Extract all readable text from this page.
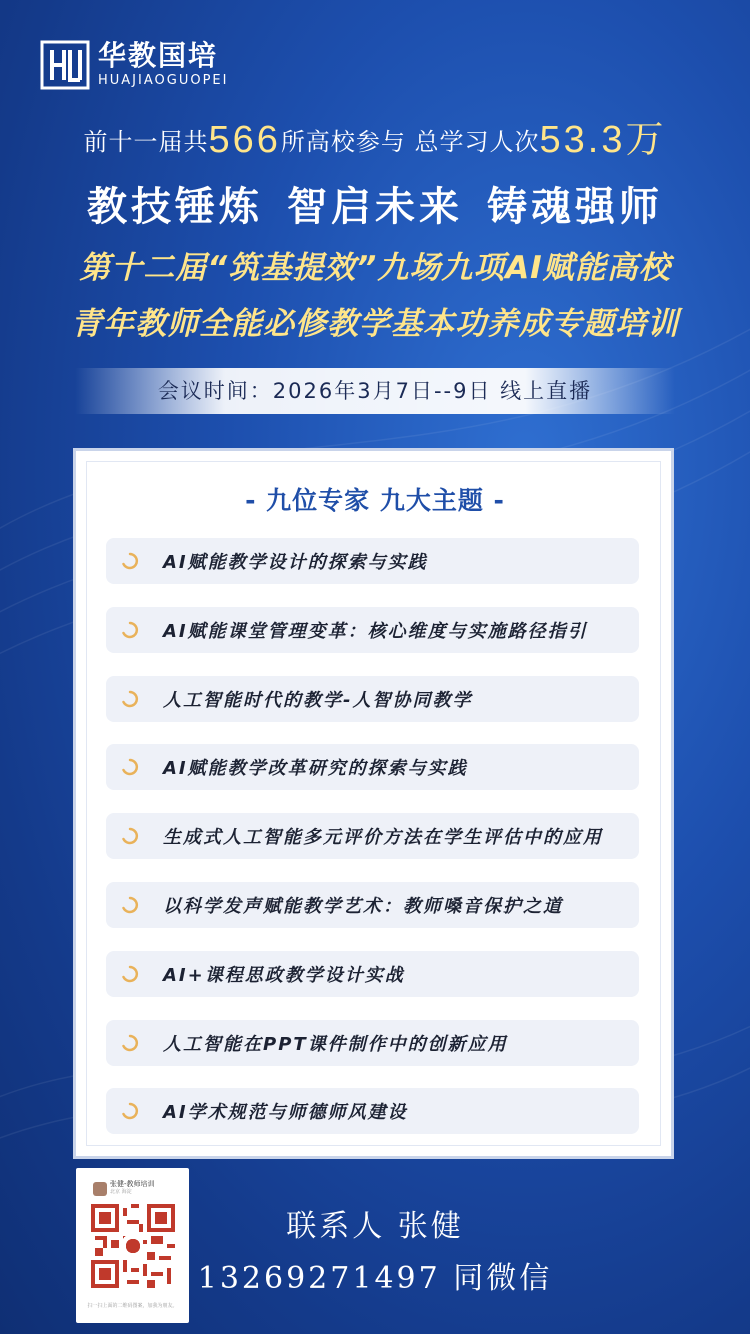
华教国培
HUAJIAOGUOPEI
前十一届共566所高校参与 总学习人次53.3万
教技锤炼 智启未来 铸魂强师
第十二届“筑基提效”九场九项AI赋能高校
青年教师全能必修教学基本功养成专题培训
会议时间：2026年3月7日--9日 线上直播
- 九位专家 九大主题 -
AI赋能教学设计的探索与实践
AI赋能课堂管理变革：核心维度与实施路径指引
人工智能时代的教学-人智协同教学
AI赋能教学改革研究的探索与实践
生成式人工智能多元评价方法在学生评估中的应用
以科学发声赋能教学艺术：教师嗓音保护之道
AI+课程思政教学设计实战
人工智能在PPT课件制作中的创新应用
AI学术规范与师德师风建设
张健-教师培训
北京 海淀
扫一扫上面的二维码图案，加我为朋友。
联系人 张健
13269271497 同微信
